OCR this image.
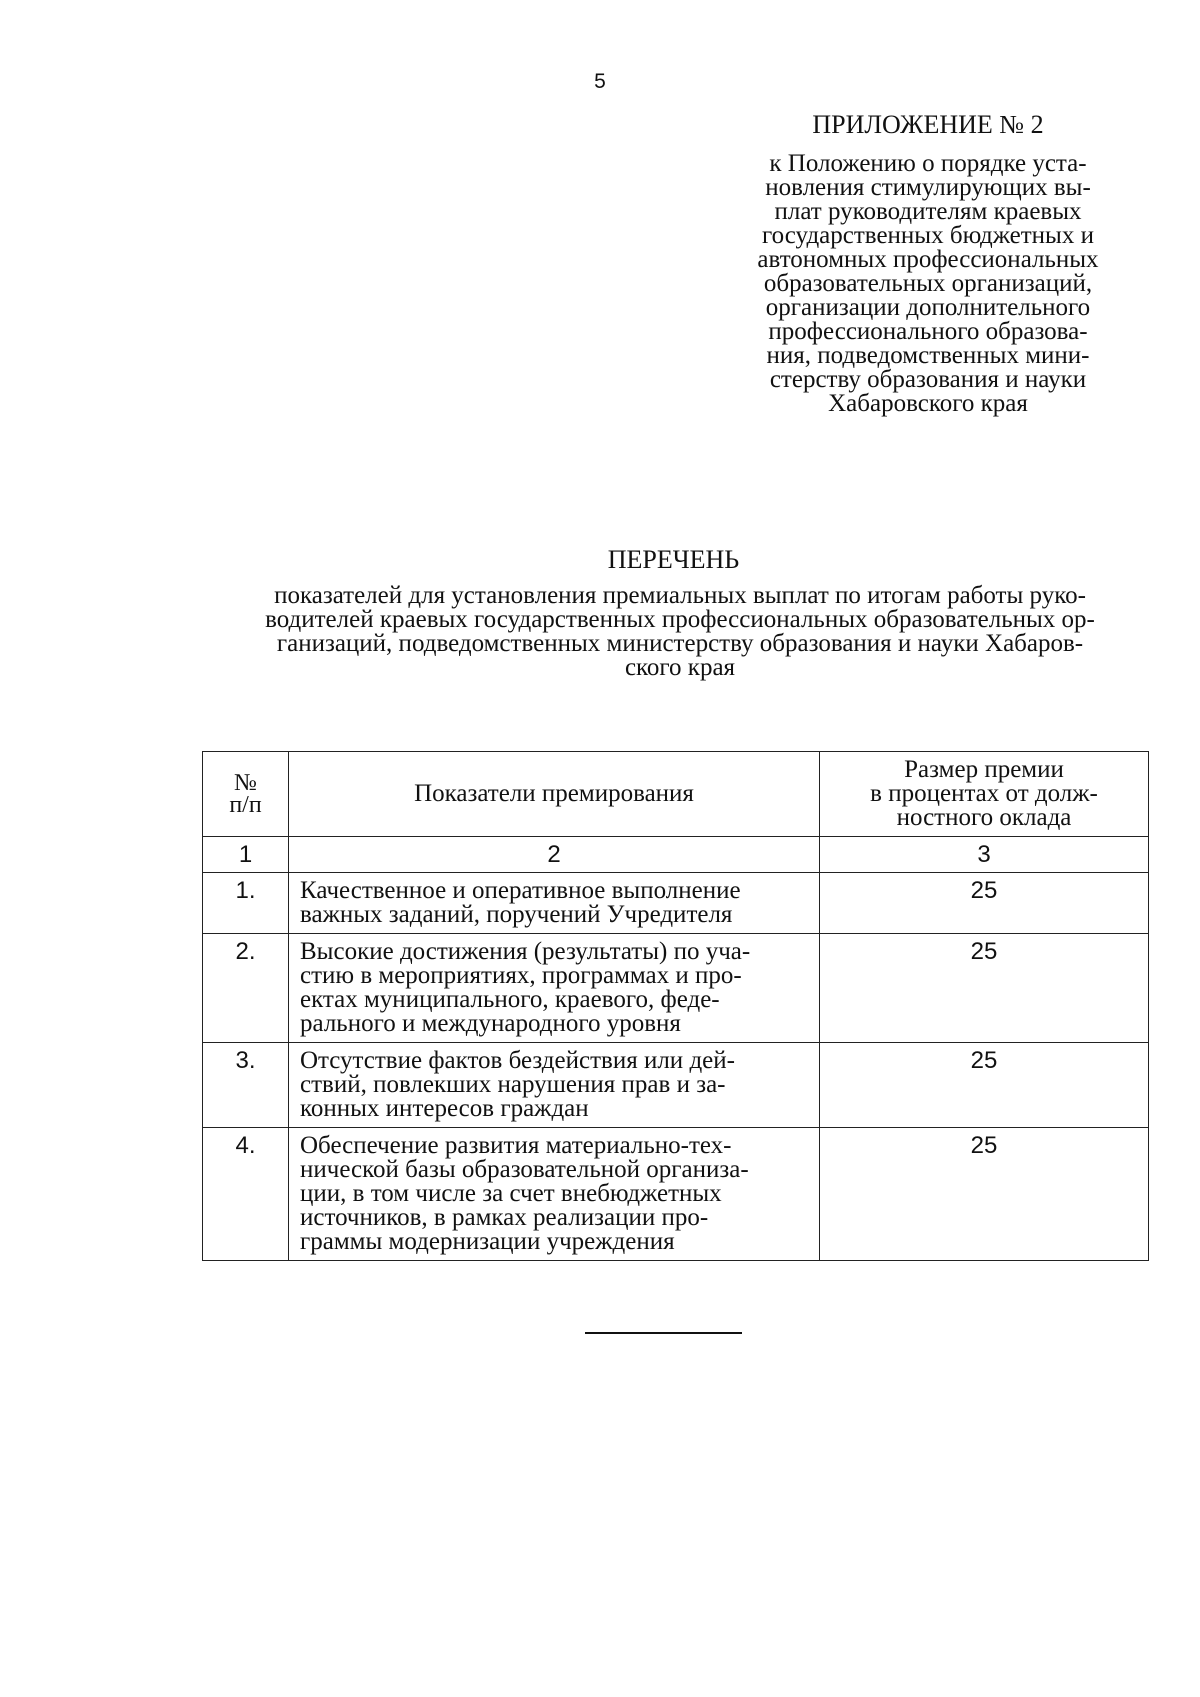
5
ПРИЛОЖЕНИЕ № 2
к Положению о порядке уста-
новления стимулирующих вы-
плат руководителям краевых
государственных бюджетных и
автономных профессиональных
образовательных организаций,
организации дополнительного
профессионального образова-
ния, подведомственных мини-
стерству образования и науки
Хабаровского края
ПЕРЕЧЕНЬ
показателей для установления премиальных выплат по итогам работы руко-
водителей краевых государственных профессиональных образовательных ор-
ганизаций, подведомственных министерству образования и науки Хабаров-
ского края
№
п/п	Показатели премирования	Размер премии
в процентах от долж-
ностного оклада
1	2	3
1.	Качественное и оперативное выполнение
важных заданий, поручений Учредителя	25
2.	Высокие достижения (результаты) по уча-
стию в мероприятиях, программах и про-
ектах муниципального, краевого, феде-
рального и международного уровня	25
3.	Отсутствие фактов бездействия или дей-
ствий, повлекших нарушения прав и за-
конных интересов граждан	25
4.	Обеспечение развития материально-тех-
нической базы образовательной организа-
ции, в том числе за счет внебюджетных
источников, в рамках реализации про-
граммы модернизации учреждения	25
